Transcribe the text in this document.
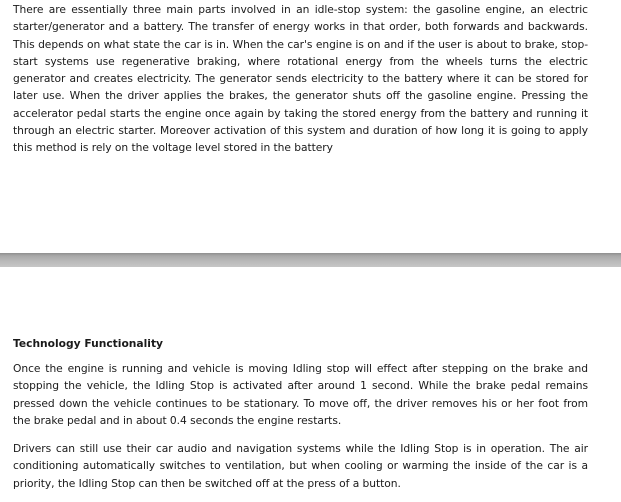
There are essentially three main parts involved in an idle-stop system: the gasoline engine, an electric starter/generator and a battery. The transfer of energy works in that order, both forwards and backwards. This depends on what state the car is in. When the car's engine is on and if the user is about to brake, stop-start systems use regenerative braking, where rotational energy from the wheels turns the electric generator and creates electricity. The generator sends electricity to the battery where it can be stored for later use. When the driver applies the brakes, the generator shuts off the gasoline engine. Pressing the accelerator pedal starts the engine once again by taking the stored energy from the battery and running it through an electric starter. Moreover activation of this system and duration of how long it is going to apply this method is rely on the voltage level stored in the battery

Technology Functionality

Once the engine is running and vehicle is moving Idling stop will effect after stepping on the brake and stopping the vehicle, the Idling Stop is activated after around 1 second. While the brake pedal remains pressed down the vehicle continues to be stationary. To move off, the driver removes his or her foot from the brake pedal and in about 0.4 seconds the engine restarts.

Drivers can still use their car audio and navigation systems while the Idling Stop is in operation. The air conditioning automatically switches to ventilation, but when cooling or warming the inside of the car is a priority, the Idling Stop can then be switched off at the press of a button.
